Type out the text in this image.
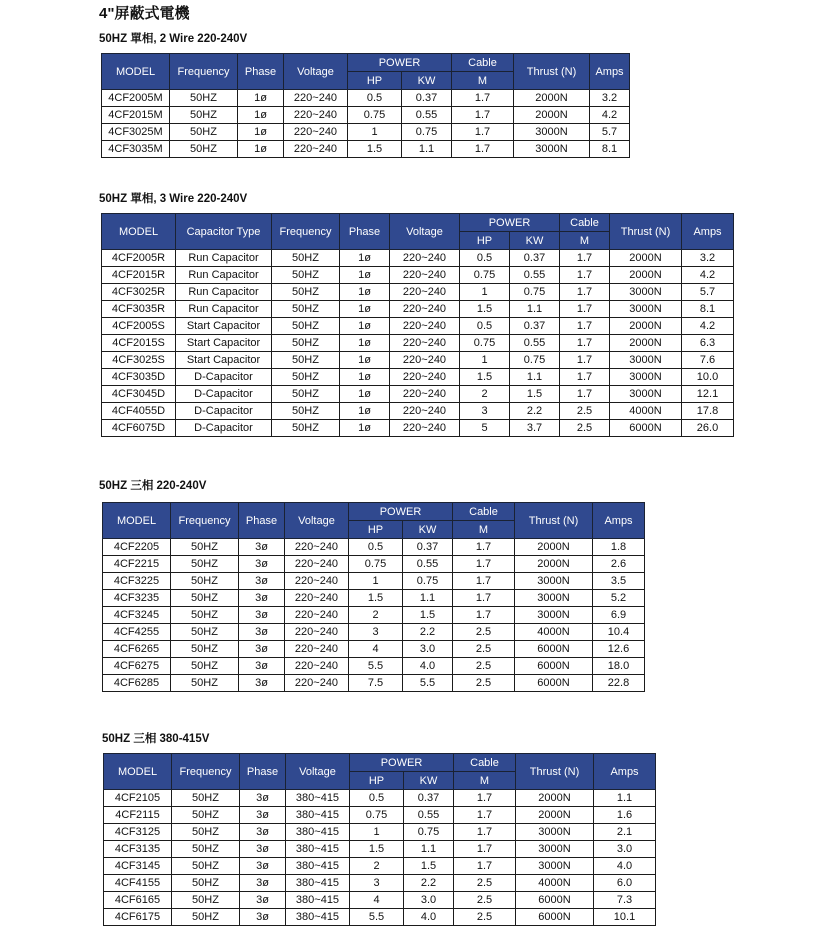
4"屏蔽式電機
50HZ 單相, 2 Wire 220-240V
MODEL	Frequency	Phase	Voltage	POWER		Cable	Thrust (N)	Amps
				HP	KW	M		
4CF2005M	50HZ	1ø	220~240	0.5	0.37	1.7	2000N	3.2
4CF2015M	50HZ	1ø	220~240	0.75	0.55	1.7	2000N	4.2
4CF3025M	50HZ	1ø	220~240	1	0.75	1.7	3000N	5.7
4CF3035M	50HZ	1ø	220~240	1.5	1.1	1.7	3000N	8.1
50HZ 單相, 3 Wire 220-240V
MODEL	Capacitor Type	Frequency	Phase	Voltage	POWER		Cable	Thrust (N)	Amps
					HP	KW	M		
4CF2005R	Run Capacitor	50HZ	1ø	220~240	0.5	0.37	1.7	2000N	3.2
4CF2015R	Run Capacitor	50HZ	1ø	220~240	0.75	0.55	1.7	2000N	4.2
4CF3025R	Run Capacitor	50HZ	1ø	220~240	1	0.75	1.7	3000N	5.7
4CF3035R	Run Capacitor	50HZ	1ø	220~240	1.5	1.1	1.7	3000N	8.1
4CF2005S	Start Capacitor	50HZ	1ø	220~240	0.5	0.37	1.7	2000N	4.2
4CF2015S	Start Capacitor	50HZ	1ø	220~240	0.75	0.55	1.7	2000N	6.3
4CF3025S	Start Capacitor	50HZ	1ø	220~240	1	0.75	1.7	3000N	7.6
4CF3035D	D-Capacitor	50HZ	1ø	220~240	1.5	1.1	1.7	3000N	10.0
4CF3045D	D-Capacitor	50HZ	1ø	220~240	2	1.5	1.7	3000N	12.1
4CF4055D	D-Capacitor	50HZ	1ø	220~240	3	2.2	2.5	4000N	17.8
4CF6075D	D-Capacitor	50HZ	1ø	220~240	5	3.7	2.5	6000N	26.0
50HZ 三相 220-240V
MODEL	Frequency	Phase	Voltage	POWER		Cable	Thrust (N)	Amps
				HP	KW	M		
4CF2205	50HZ	3ø	220~240	0.5	0.37	1.7	2000N	1.8
4CF2215	50HZ	3ø	220~240	0.75	0.55	1.7	2000N	2.6
4CF3225	50HZ	3ø	220~240	1	0.75	1.7	3000N	3.5
4CF3235	50HZ	3ø	220~240	1.5	1.1	1.7	3000N	5.2
4CF3245	50HZ	3ø	220~240	2	1.5	1.7	3000N	6.9
4CF4255	50HZ	3ø	220~240	3	2.2	2.5	4000N	10.4
4CF6265	50HZ	3ø	220~240	4	3.0	2.5	6000N	12.6
4CF6275	50HZ	3ø	220~240	5.5	4.0	2.5	6000N	18.0
4CF6285	50HZ	3ø	220~240	7.5	5.5	2.5	6000N	22.8
50HZ 三相 380-415V
MODEL	Frequency	Phase	Voltage	POWER		Cable	Thrust (N)	Amps
				HP	KW	M		
4CF2105	50HZ	3ø	380~415	0.5	0.37	1.7	2000N	1.1
4CF2115	50HZ	3ø	380~415	0.75	0.55	1.7	2000N	1.6
4CF3125	50HZ	3ø	380~415	1	0.75	1.7	3000N	2.1
4CF3135	50HZ	3ø	380~415	1.5	1.1	1.7	3000N	3.0
4CF3145	50HZ	3ø	380~415	2	1.5	1.7	3000N	4.0
4CF4155	50HZ	3ø	380~415	3	2.2	2.5	4000N	6.0
4CF6165	50HZ	3ø	380~415	4	3.0	2.5	6000N	7.3
4CF6175	50HZ	3ø	380~415	5.5	4.0	2.5	6000N	10.1
